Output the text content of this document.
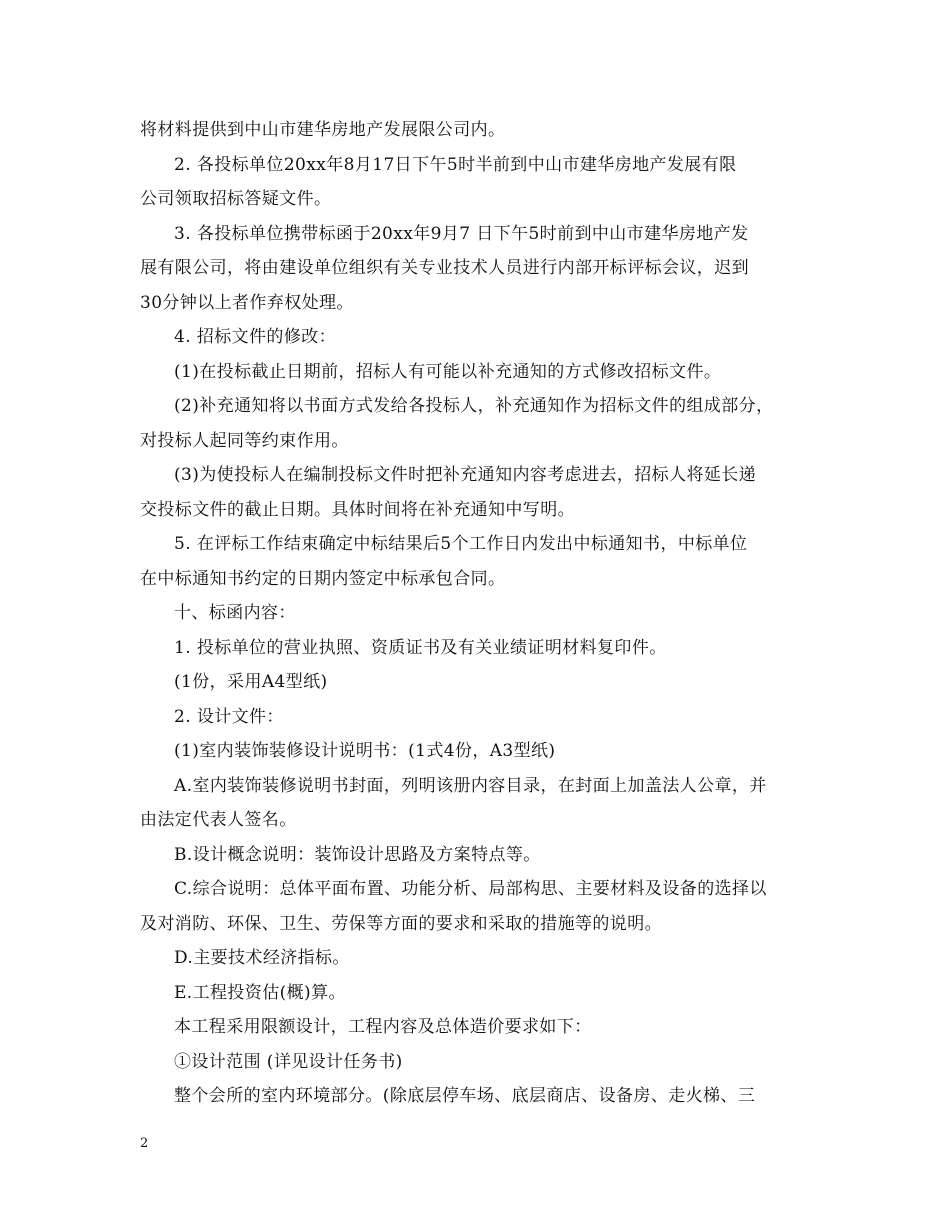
将材料提供到中山市建华房地产发展限公司内。
2. 各投标单位20xx年8月17日下午5时半前到中山市建华房地产发展有限
公司领取招标答疑文件。
3. 各投标单位携带标函于20xx年9月7 日下午5时前到中山市建华房地产发
展有限公司，将由建设单位组织有关专业技术人员进行内部开标评标会议，迟到
30分钟以上者作弃权处理。
4. 招标文件的修改：
(1)在投标截止日期前，招标人有可能以补充通知的方式修改招标文件。
(2)补充通知将以书面方式发给各投标人，补充通知作为招标文件的组成部分，
对投标人起同等约束作用。
(3)为使投标人在编制投标文件时把补充通知内容考虑进去，招标人将延长递
交投标文件的截止日期。具体时间将在补充通知中写明。
5. 在评标工作结束确定中标结果后5个工作日内发出中标通知书，中标单位
在中标通知书约定的日期内签定中标承包合同。
十、标函内容：
1. 投标单位的营业执照、资质证书及有关业绩证明材料复印件。
(1份，采用A4型纸)
2. 设计文件：
(1)室内装饰装修设计说明书：(1式4份，A3型纸)
A.室内装饰装修说明书封面，列明该册内容目录，在封面上加盖法人公章，并
由法定代表人签名。
B.设计概念说明：装饰设计思路及方案特点等。
C.综合说明：总体平面布置、功能分析、局部构思、主要材料及设备的选择以
及对消防、环保、卫生、劳保等方面的要求和采取的措施等的说明。
D.主要技术经济指标。
E.工程投资估(概)算。
本工程采用限额设计，工程内容及总体造价要求如下：
①设计范围 (详见设计任务书)
整个会所的室内环境部分。(除底层停车场、底层商店、设备房、走火梯、三
2
